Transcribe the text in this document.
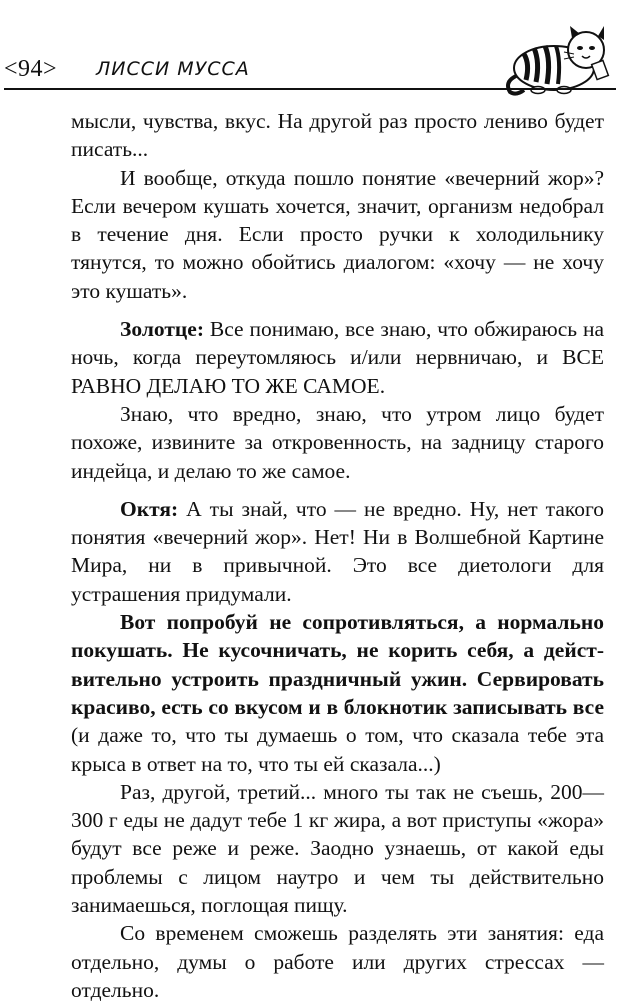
<94> ЛИССИ МУССА

мысли, чувства, вкус. На другой раз просто лениво будет писать...

И вообще, откуда пошло понятие «вечерний жор»? Если вечером кушать хочется, значит, организм недобрал в течение дня. Если просто ручки к холодильнику тянутся, то можно обойтись диалогом: «хочу — не хочу это кушать».

Золотце: Все понимаю, все знаю, что обжираюсь на ночь, когда переутомляюсь и/или нервничаю, и ВСЕ РАВНО ДЕЛАЮ ТО ЖЕ САМОЕ.

Знаю, что вредно, знаю, что утром лицо будет похоже, извините за откровенность, на задницу старого индейца, и делаю то же самое.

Октя: А ты знай, что — не вредно. Ну, нет такого понятия «вечерний жор». Нет! Ни в Волшебной Картине Мира, ни в привычной. Это все диетологи для устрашения придумали.

Вот попробуй не сопротивляться, а нормально покушать. Не кусочничать, не корить себя, а действительно устроить праздничный ужин. Сервировать красиво, есть со вкусом и в блокнотик записывать все (и даже то, что ты думаешь о том, что сказала тебе эта крыса в ответ на то, что ты ей сказала...)

Раз, другой, третий... много ты так не съешь, 200—300 г еды не дадут тебе 1 кг жира, а вот приступы «жора» будут все реже и реже. Заодно узнаешь, от какой еды проблемы с лицом наутро и чем ты действительно занимаешься, поглощая пищу.

Со временем сможешь разделять эти занятия: еда отдельно, думы о работе или других стрессах — отдельно.
